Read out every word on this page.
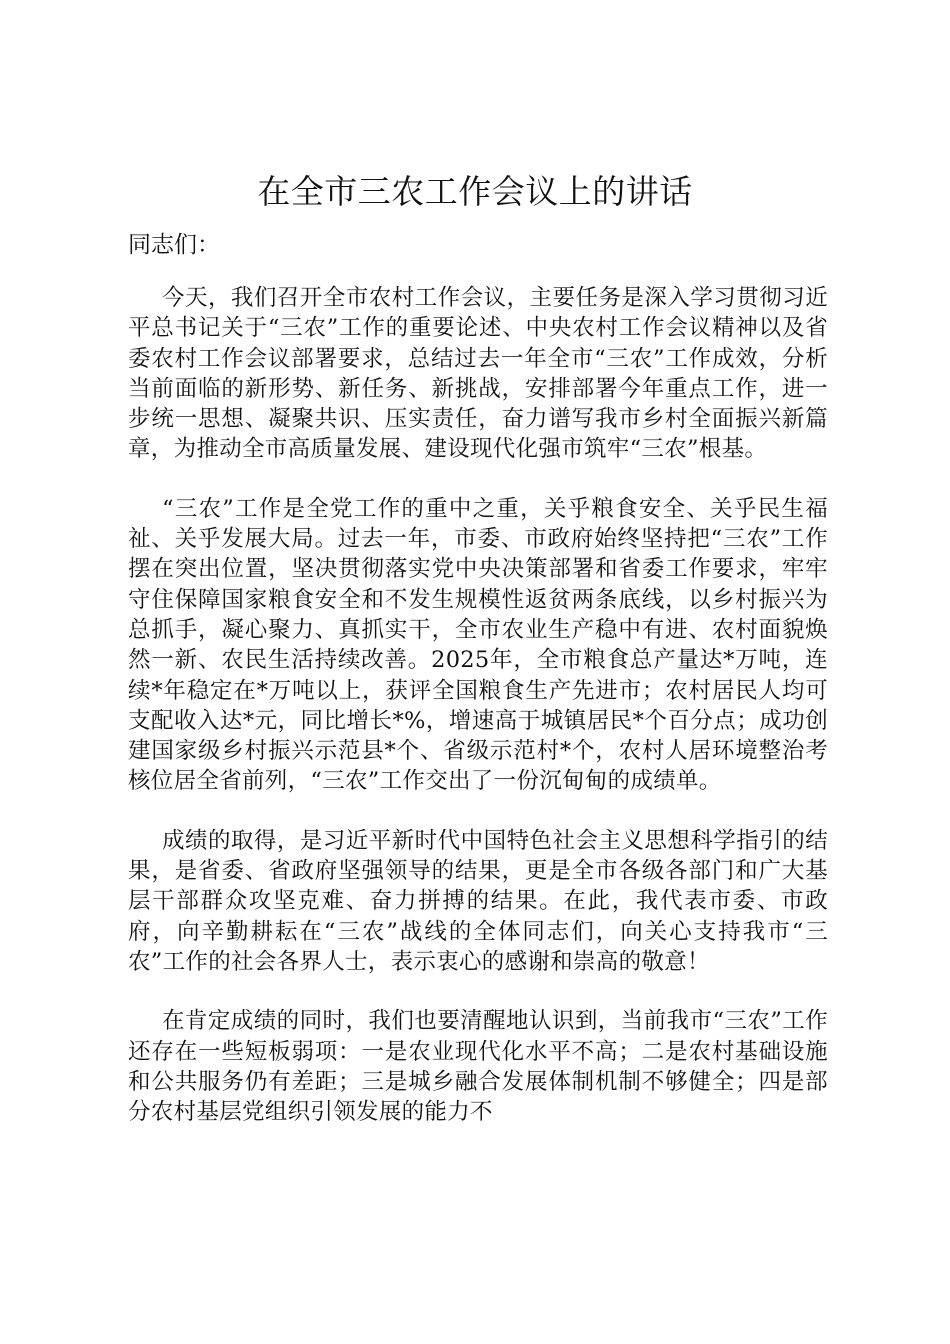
在全市三农工作会议上的讲话

同志们：

今天，我们召开全市农村工作会议，主要任务是深入学习贯彻习近平总书记关于“三农”工作的重要论述、中央农村工作会议精神以及省委农村工作会议部署要求，总结过去一年全市“三农”工作成效，分析当前面临的新形势、新任务、新挑战，安排部署今年重点工作，进一步统一思想、凝聚共识、压实责任，奋力谱写我市乡村全面振兴新篇章，为推动全市高质量发展、建设现代化强市筑牢“三农”根基。

“三农”工作是全党工作的重中之重，关乎粮食安全、关乎民生福祉、关乎发展大局。过去一年，市委、市政府始终坚持把“三农”工作摆在突出位置，坚决贯彻落实党中央决策部署和省委工作要求，牢牢守住保障国家粮食安全和不发生规模性返贫两条底线，以乡村振兴为总抓手，凝心聚力、真抓实干，全市农业生产稳中有进、农村面貌焕然一新、农民生活持续改善。2025年，全市粮食总产量达*万吨，连续*年稳定在*万吨以上，获评全国粮食生产先进市；农村居民人均可支配收入达*元，同比增长*%，增速高于城镇居民*个百分点；成功创建国家级乡村振兴示范县*个、省级示范村*个，农村人居环境整治考核位居全省前列，“三农”工作交出了一份沉甸甸的成绩单。

成绩的取得，是习近平新时代中国特色社会主义思想科学指引的结果，是省委、省政府坚强领导的结果，更是全市各级各部门和广大基层干部群众攻坚克难、奋力拼搏的结果。在此，我代表市委、市政府，向辛勤耕耘在“三农”战线的全体同志们，向关心支持我市“三农”工作的社会各界人士，表示衷心的感谢和崇高的敬意！

在肯定成绩的同时，我们也要清醒地认识到，当前我市“三农”工作还存在一些短板弱项：一是农业现代化水平不高；二是农村基础设施和公共服务仍有差距；三是城乡融合发展体制机制不够健全；四是部分农村基层党组织引领发展的能力不
